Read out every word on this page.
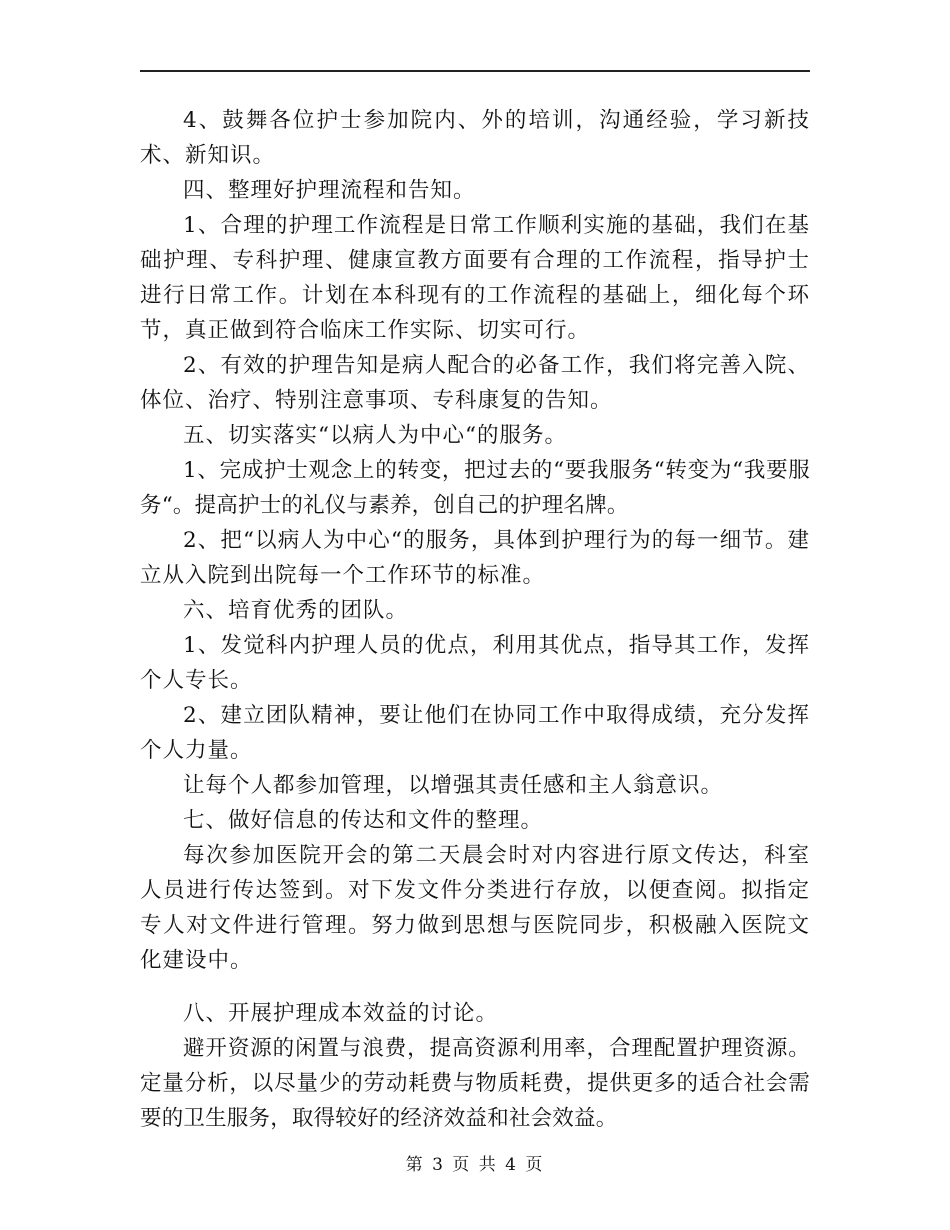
4、鼓舞各位护士参加院内、外的培训，沟通经验，学习新技术、新知识。

四、整理好护理流程和告知。

1、合理的护理工作流程是日常工作顺利实施的基础，我们在基础护理、专科护理、健康宣教方面要有合理的工作流程，指导护士进行日常工作。计划在本科现有的工作流程的基础上，细化每个环节，真正做到符合临床工作实际、切实可行。

2、有效的护理告知是病人配合的必备工作，我们将完善入院、体位、治疗、特别注意事项、专科康复的告知。

五、切实落实“以病人为中心“的服务。

1、完成护士观念上的转变，把过去的“要我服务“转变为“我要服务“。提高护士的礼仪与素养，创自己的护理名牌。

2、把“以病人为中心“的服务，具体到护理行为的每一细节。建立从入院到出院每一个工作环节的标准。

六、培育优秀的团队。

1、发觉科内护理人员的优点，利用其优点，指导其工作，发挥个人专长。

2、建立团队精神，要让他们在协同工作中取得成绩，充分发挥个人力量。

让每个人都参加管理，以增强其责任感和主人翁意识。

七、做好信息的传达和文件的整理。

每次参加医院开会的第二天晨会时对内容进行原文传达，科室人员进行传达签到。对下发文件分类进行存放，以便查阅。拟指定专人对文件进行管理。努力做到思想与医院同步，积极融入医院文化建设中。

八、开展护理成本效益的讨论。

避开资源的闲置与浪费，提高资源利用率，合理配置护理资源。定量分析，以尽量少的劳动耗费与物质耗费，提供更多的适合社会需要的卫生服务，取得较好的经济效益和社会效益。

第 3 页 共 4 页
